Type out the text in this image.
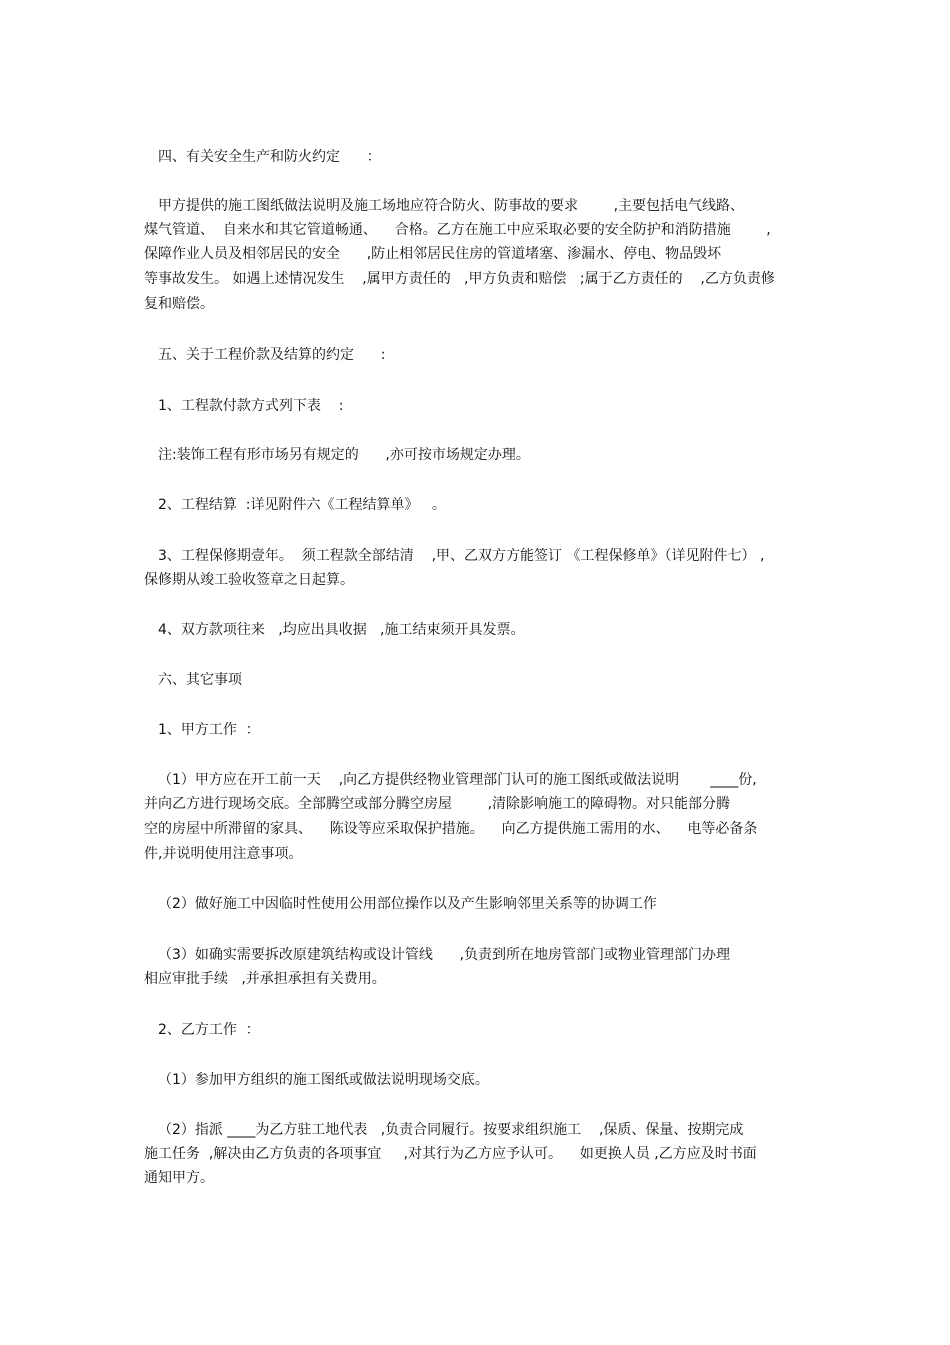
四、有关安全生产和防火约定      ：
甲方提供的施工图纸做法说明及施工场地应符合防火、防事故的要求        ,主要包括电气线路、
煤气管道、  自来水和其它管道畅通、    合格。乙方在施工中应采取必要的安全防护和消防措施        ,
保障作业人员及相邻居民的安全      ,防止相邻居民住房的管道堵塞、渗漏水、停电、物品毁坏
等事故发生。 如遇上述情况发生    ,属甲方责任的   ,甲方负责和赔偿   ;属于乙方责任的    ,乙方负责修
复和赔偿。
五、关于工程价款及结算的约定      :
1、工程款付款方式列下表    :
注:装饰工程有形市场另有规定的      ,亦可按市场规定办理。
2、工程结算  :详见附件六《工程结算单》   。
3、工程保修期壹年。  须工程款全部结清    ,甲、乙双方方能签订 《工程保修单》（详见附件七） ,
保修期从竣工验收签章之日起算。
4、双方款项往来   ,均应出具收据   ,施工结束须开具发票。
六、其它事项
1、甲方工作  ：
（1）甲方应在开工前一天    ,向乙方提供经物业管理部门认可的施工图纸或做法说明       ____份,
并向乙方进行现场交底。全部腾空或部分腾空房屋        ,清除影响施工的障碍物。对只能部分腾
空的房屋中所滞留的家具、    陈设等应采取保护措施。    向乙方提供施工需用的水、    电等必备条
件,并说明使用注意事项。
（2）做好施工中因临时性使用公用部位操作以及产生影响邻里关系等的协调工作
（3）如确实需要拆改原建筑结构或设计管线      ,负责到所在地房管部门或物业管理部门办理
相应审批手续   ,并承担承担有关费用。
2、乙方工作  ：
（1）参加甲方组织的施工图纸或做法说明现场交底。
（2）指派 ____为乙方驻工地代表   ,负责合同履行。按要求组织施工    ,保质、保量、按期完成
施工任务  ,解决由乙方负责的各项事宜     ,对其行为乙方应予认可。    如更换人员 ,乙方应及时书面
通知甲方。
